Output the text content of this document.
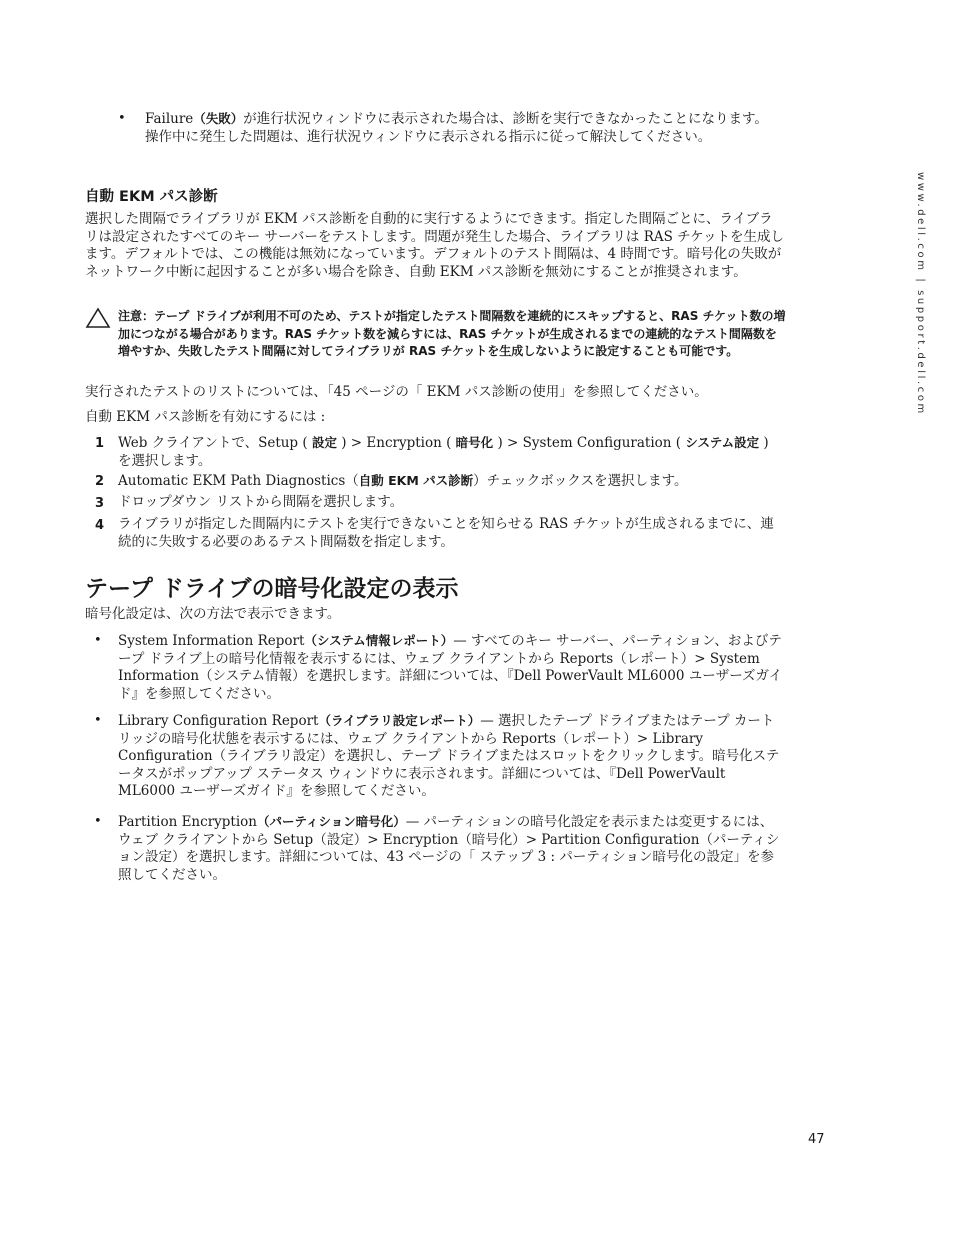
www.dell.com | support.dell.com
• Failure（失敗）が進行状況ウィンドウに表示された場合は、診断を実行できなかったことになります。操作中に発生した問題は、進行状況ウィンドウに表示される指示に従って解決してください。
自動 EKM パス診断
選択した間隔でライブラリが EKM パス診断を自動的に実行するようにできます。指定した間隔ごとに、ライブラリは設定されたすべてのキー サーバーをテストします。問題が発生した場合、ライブラリは RAS チケットを生成します。デフォルトでは、この機能は無効になっています。デフォルトのテスト間隔は、4 時間です。暗号化の失敗がネットワーク中断に起因することが多い場合を除き、自動 EKM パス診断を無効にすることが推奨されます。
注意：テープ ドライブが利用不可のため、テストが指定したテスト間隔数を連続的にスキップすると、RAS チケット数の増加につながる場合があります。RAS チケット数を減らすには、RAS チケットが生成されるまでの連続的なテスト間隔数を増やすか、失敗したテスト間隔に対してライブラリが RAS チケットを生成しないように設定することも可能です。
実行されたテストのリストについては、「45 ページの「 EKM パス診断の使用」を参照してください。
自動 EKM パス診断を有効にするには :
1 Web クライアントで、Setup ( 設定 ) > Encryption ( 暗号化 ) > System Configuration ( システム設定 ) を選択します。
2 Automatic EKM Path Diagnostics（自動 EKM パス診断）チェックボックスを選択します。
3 ドロップダウン リストから間隔を選択します。
4 ライブラリが指定した間隔内にテストを実行できないことを知らせる RAS チケットが生成されるまでに、連続的に失敗する必要のあるテスト間隔数を指定します。
テープ ドライブの暗号化設定の表示
暗号化設定は、次の方法で表示できます。
• System Information Report（システム情報レポート）— すべてのキー サーバー、パーティション、およびテープ ドライブ上の暗号化情報を表示するには、ウェブ クライアントから Reports（レポート）> System Information（システム情報）を選択します。詳細については、『Dell PowerVault ML6000 ユーザーズガイド』を参照してください。
• Library Configuration Report（ライブラリ設定レポート）— 選択したテープ ドライブまたはテープ カートリッジの暗号化状態を表示するには、ウェブ クライアントから Reports（レポート）> Library Configuration（ライブラリ設定）を選択し、テープ ドライブまたはスロットをクリックします。暗号化ステータスがポップアップ ステータス ウィンドウに表示されます。詳細については、『Dell PowerVault ML6000 ユーザーズガイド』を参照してください。
• Partition Encryption（パーティション暗号化）— パーティションの暗号化設定を表示または変更するには、ウェブ クライアントから Setup（設定）> Encryption（暗号化）> Partition Configuration（パーティション設定）を選択します。詳細については、43 ページの「 ステップ 3 : パーティション暗号化の設定」を参照してください。
47
